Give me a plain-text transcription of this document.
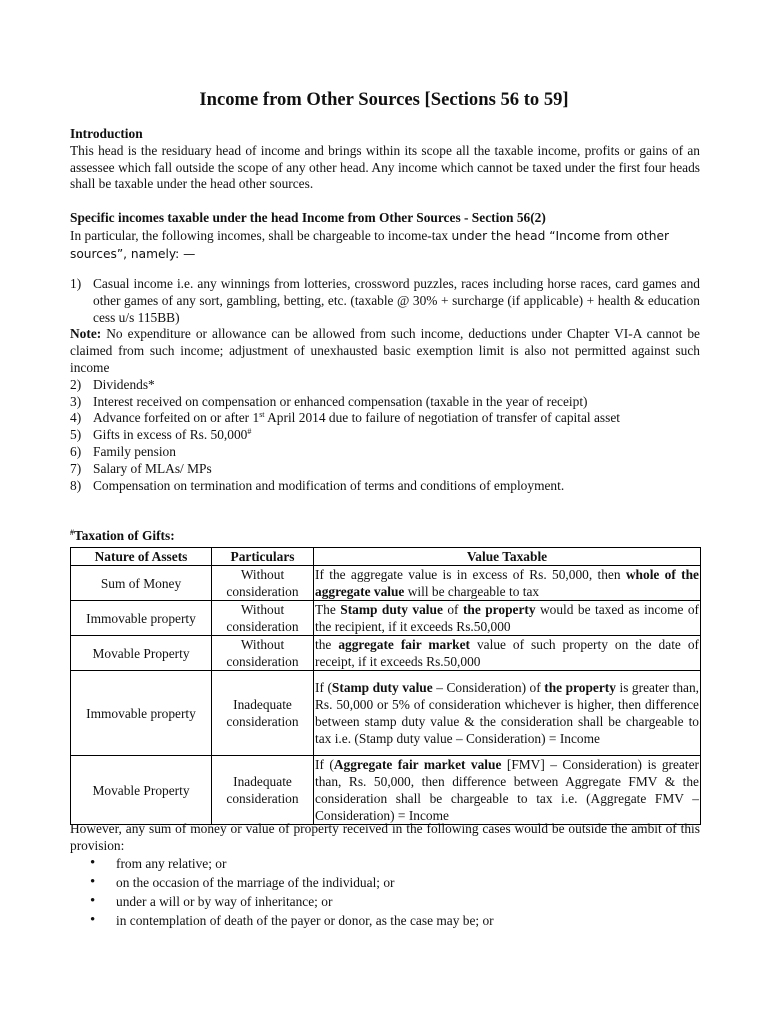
Income from Other Sources [Sections 56 to 59]
Introduction
This head is the residuary head of income and brings within its scope all the taxable income, profits or gains of an assessee which fall outside the scope of any other head. Any income which cannot be taxed under the first four heads shall be taxable under the head other sources.
Specific incomes taxable under the head Income from Other Sources - Section 56(2)
In particular, the following incomes, shall be chargeable to income-tax under the head “Income from other sources”, namely: —
1) Casual income i.e. any winnings from lotteries, crossword puzzles, races including horse races, card games and other games of any sort, gambling, betting, etc. (taxable @ 30% + surcharge (if applicable) + health & education cess u/s 115BB)
Note: No expenditure or allowance can be allowed from such income, deductions under Chapter VI-A cannot be claimed from such income; adjustment of unexhausted basic exemption limit is also not permitted against such income
2) Dividends*
3) Interest received on compensation or enhanced compensation (taxable in the year of receipt)
4) Advance forfeited on or after 1st April 2014 due to failure of negotiation of transfer of capital asset
5) Gifts in excess of Rs. 50,000#
6) Family pension
7) Salary of MLAs/ MPs
8) Compensation on termination and modification of terms and conditions of employment.
#Taxation of Gifts:
Nature of Assets	Particulars	Value Taxable
Sum of Money	Without consideration	If the aggregate value is in excess of Rs. 50,000, then whole of the aggregate value will be chargeable to tax
Immovable property	Without consideration	The Stamp duty value of the property would be taxed as income of the recipient, if it exceeds Rs.50,000
Movable Property	Without consideration	the aggregate fair market value of such property on the date of receipt, if it exceeds Rs.50,000
Immovable property	Inadequate consideration	If (Stamp duty value – Consideration) of the property is greater than, Rs. 50,000 or 5% of consideration whichever is higher, then difference between stamp duty value & the consideration shall be chargeable to tax i.e. (Stamp duty value – Consideration) = Income
Movable Property	Inadequate consideration	If (Aggregate fair market value [FMV] – Consideration) is greater than, Rs. 50,000, then difference between Aggregate FMV & the consideration shall be chargeable to tax i.e. (Aggregate FMV – Consideration) = Income
However, any sum of money or value of property received in the following cases would be outside the ambit of this provision:
• from any relative; or
• on the occasion of the marriage of the individual; or
• under a will or by way of inheritance; or
• in contemplation of death of the payer or donor, as the case may be; or
